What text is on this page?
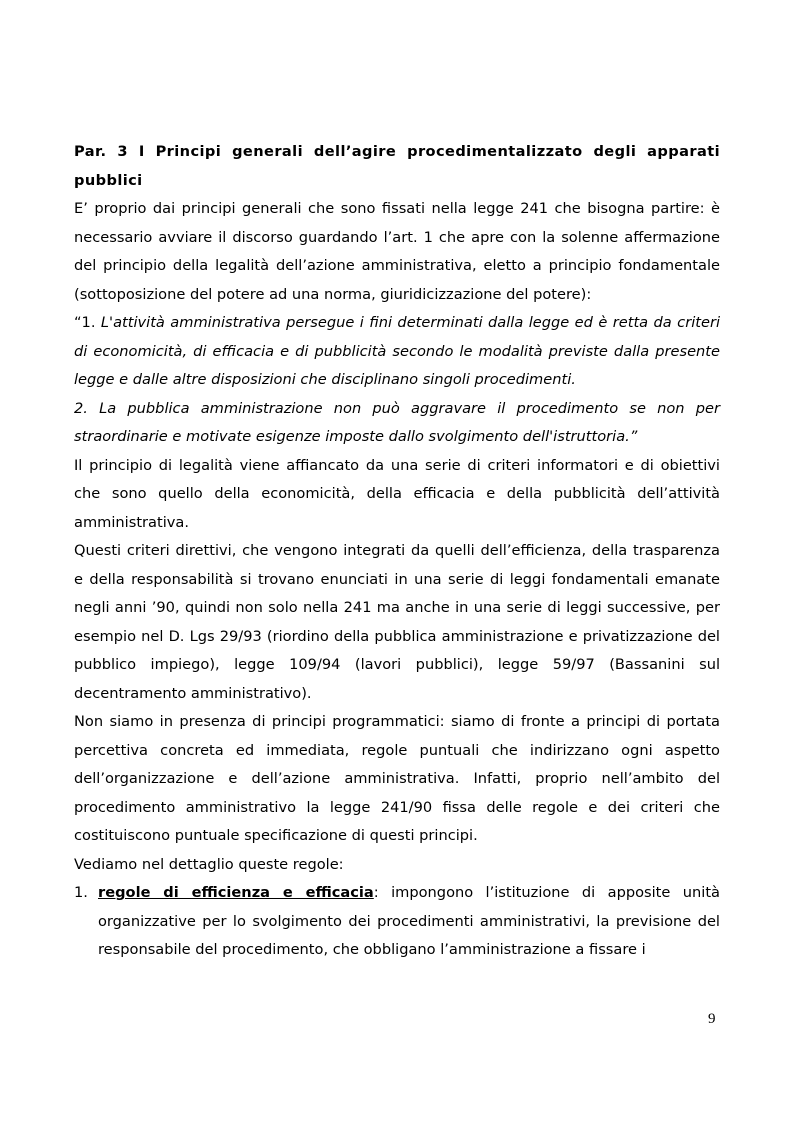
Par. 3 I Principi generali dell’agire procedimentalizzato degli apparati pubblici

E’ proprio dai principi generali che sono fissati nella legge 241 che bisogna partire: è necessario avviare il discorso guardando l’art. 1 che apre con la solenne affermazione del principio della legalità dell’azione amministrativa, eletto a principio fondamentale (sottoposizione del potere ad una norma, giuridicizzazione del potere):

“1. L'attività amministrativa persegue i fini determinati dalla legge ed è retta da criteri di economicità, di efficacia e di pubblicità secondo le modalità previste dalla presente legge e dalle altre disposizioni che disciplinano singoli procedimenti.

2. La pubblica amministrazione non può aggravare il procedimento se non per straordinarie e motivate esigenze imposte dallo svolgimento dell'istruttoria.”

Il principio di legalità viene affiancato da una serie di criteri informatori e di obiettivi che sono quello della economicità, della efficacia e della pubblicità dell’attività amministrativa.

Questi criteri direttivi, che vengono integrati da quelli dell’efficienza, della trasparenza e della responsabilità si trovano enunciati in una serie di leggi fondamentali emanate negli anni ’90, quindi non solo nella 241 ma anche in una serie di leggi successive, per esempio nel D. Lgs 29/93 (riordino della pubblica amministrazione e privatizzazione del pubblico impiego), legge 109/94 (lavori pubblici), legge 59/97 (Bassanini sul decentramento amministrativo).

Non siamo in presenza di principi programmatici: siamo di fronte a principi di portata percettiva concreta ed immediata, regole puntuali che indirizzano ogni aspetto dell’organizzazione e dell’azione amministrativa. Infatti, proprio nell’ambito del procedimento amministrativo la legge 241/90 fissa delle regole e dei criteri che costituiscono puntuale specificazione di questi principi.

Vediamo nel dettaglio queste regole:

1. regole di efficienza e efficacia: impongono l’istituzione di apposite unità organizzative per lo svolgimento dei procedimenti amministrativi, la previsione del responsabile del procedimento, che obbligano l’amministrazione a fissare i
9
